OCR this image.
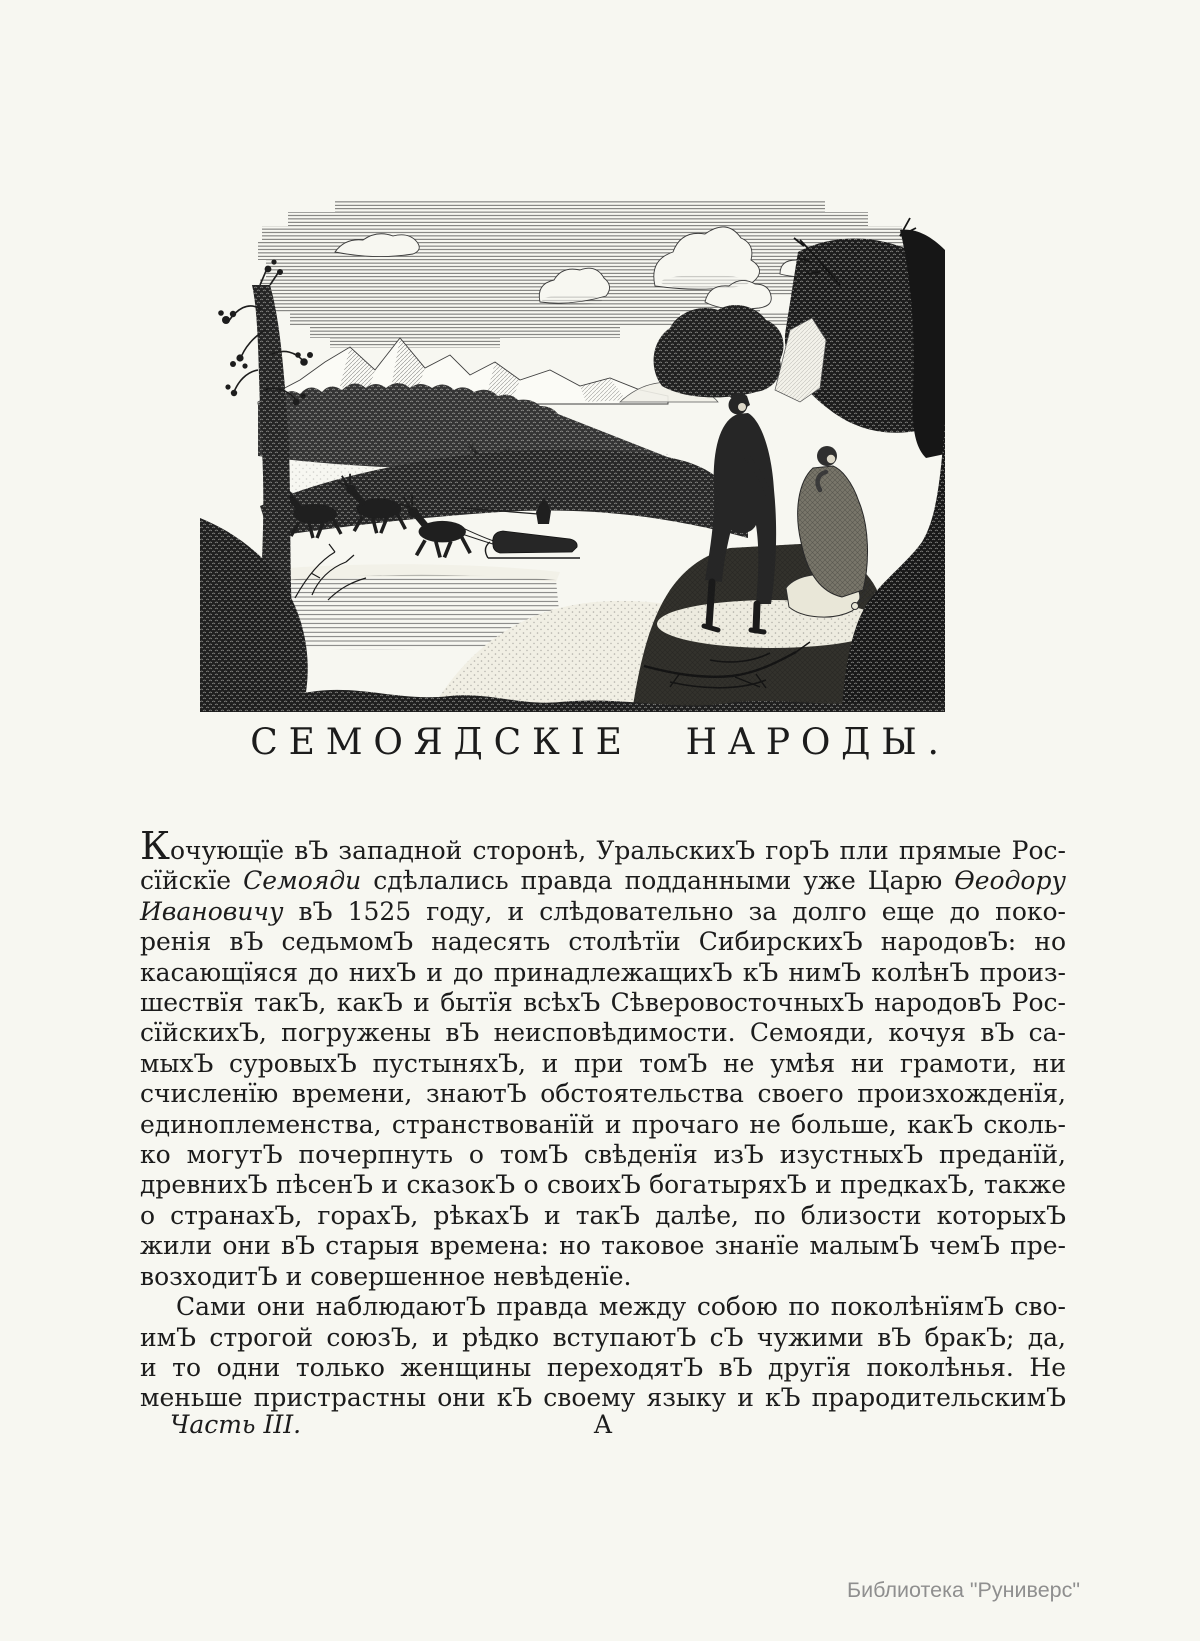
СЕМОЯДСКІЕ НАРОДЫ.
Кочующїе вЪ западной сторонѣ, УральскихЪ горЪ пли прямые Рос-
сїйскїе Семояди сдѣлались правда подданными уже Царю Ѳеодору
Ивановичу вЪ 1525 году, и слѣдовательно за долго еще до поко-
ренія вЪ седьмомЪ надесять столѣтїи СибирскихЪ народовЪ: но
касающїяся до нихЪ и до принадлежащихЪ кЪ нимЪ колѣнЪ произ-
шествїя такЪ, какЪ и бытїя всѣхЪ СѣверовосточныхЪ народовЪ Рос-
сїйскихЪ, погружены вЪ неисповѣдимости. Семояди, кочуя вЪ са-
мыхЪ суровыхЪ пустыняхЪ, и при томЪ не умѣя ни грамоти, ни
счисленїю времени, знаютЪ обстоятельства своего произхожденїя,
единоплеменства, странствованїй и прочаго не больше, какЪ сколь-
ко могутЪ почерпнуть о томЪ свѣденїя изЪ изустныхЪ преданїй,
древнихЪ пѣсенЪ и сказокЪ о своихЪ богатыряхЪ и предкахЪ, также
о странахЪ, горахЪ, рѣкахЪ и такЪ далѣе, по близости которыхЪ
жили они вЪ старыя времена: но таковое знанїе малымЪ чемЪ пре-
возходитЪ и совершенное невѣденїе.
Сами они наблюдаютЪ правда между собою по поколѣнїямЪ сво-
имЪ строгой союзЪ, и рѣдко вступаютЪ сЪ чужими вЪ бракЪ; да,
и то одни только женщины переходятЪ вЪ другїя поколѣнья. Не
меньше пристрастны они кЪ своему языку и кЪ прародительскимЪ
Часть III.	А
Библиотека "Руниверс"
